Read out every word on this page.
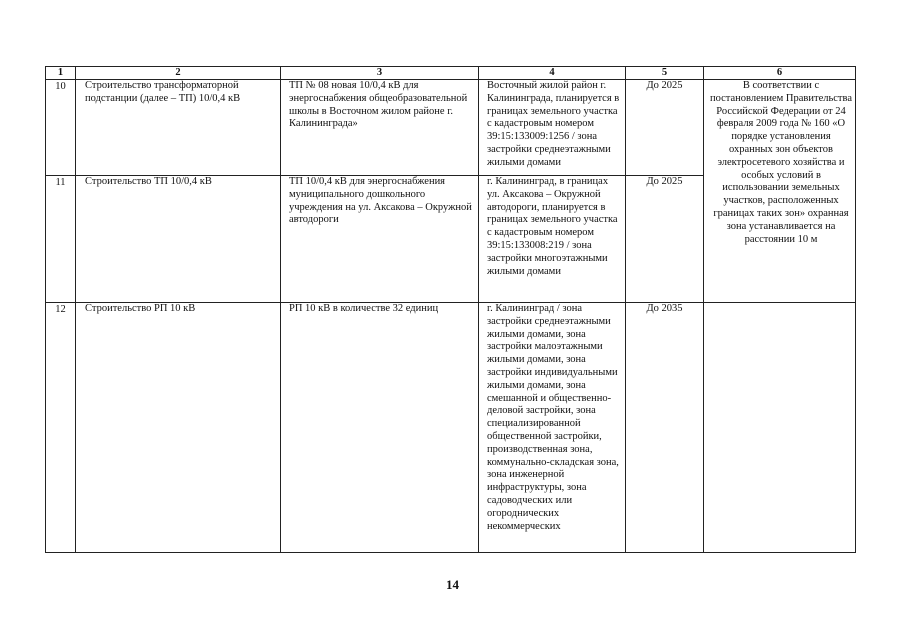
1	2	3	4	5	6
10	Строительство трансформаторной подстанции (далее – ТП) 10/0,4 кВ	ТП № 08 новая 10/0,4 кВ для энергоснабжения общеобразовательной школы в Восточном жилом районе г. Калининграда»	Восточный жилой район г. Калининграда, планируется в границах земельного участка с кадастровым номером 39:15:133009:1256 / зона застройки среднеэтажными жилыми домами	До 2025	В соответствии с постановлением Правительства Российской Федерации от 24 февраля 2009 года № 160 «О порядке установления охранных зон объектов электросетевого хозяйства и особых условий в использовании земельных участков, расположенных границах таких зон» охранная зона устанавливается на расстоянии 10 м
11	Строительство ТП 10/0,4 кВ	ТП 10/0,4 кВ для энергоснабжения муниципального дошкольного учреждения на ул. Аксакова – Окружной автодороги	г. Калининград, в границах ул. Аксакова – Окружной автодороги, планируется в границах земельного участка с кадастровым номером 39:15:133008:219 / зона застройки многоэтажными жилыми домами	До 2025	
12	Строительство РП 10 кВ	РП 10 кВ в количестве 32 единиц	г. Калининград / зона застройки среднеэтажными жилыми домами, зона застройки малоэтажными жилыми домами, зона застройки индивидуальными жилыми домами, зона смешанной и общественно-деловой застройки, зона специализированной общественной застройки, производственная зона, коммунально-складская зона, зона инженерной инфраструктуры, зона садоводческих или огороднических некоммерческих	До 2035	
14
